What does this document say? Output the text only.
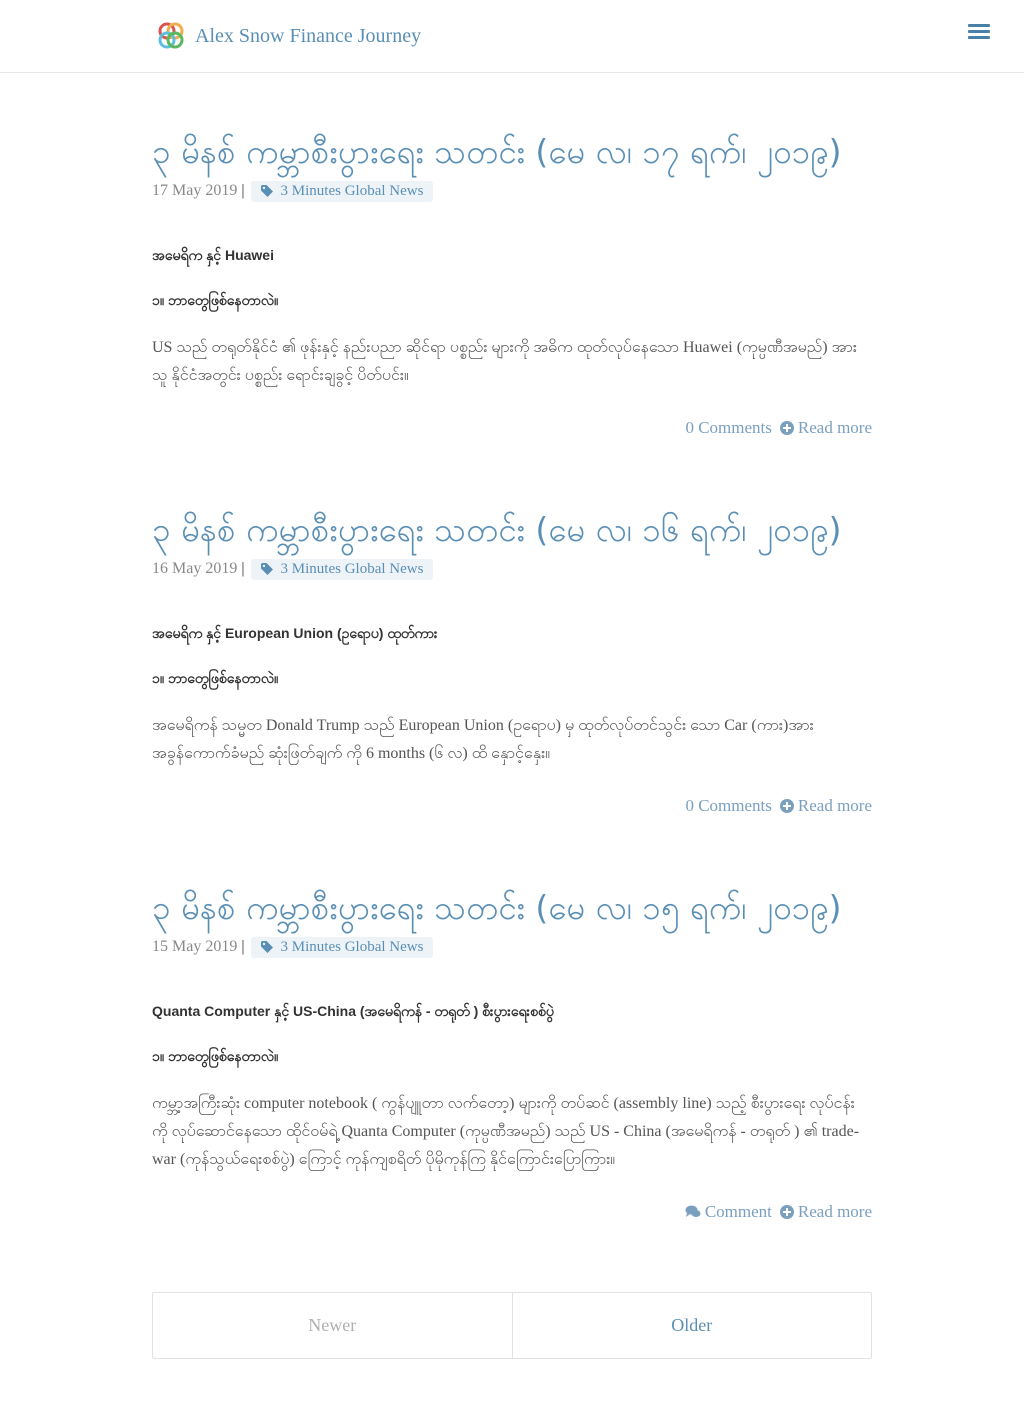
Alex Snow Finance Journey
၃ မိနစ် ကမ္ဘာစီးပွားရေး သတင်း (မေ လ၊ ၁၇ ရက်၊ ၂၀၁၉)
17 May 2019 | 3 Minutes Global News

အမေရိက နှင့် Huawei

၁။ ဘာတွေဖြစ်နေတာလဲ။

US သည် တရုတ်နိုင်ငံ ၏ ဖုန်းနှင့် နည်းပညာ ဆိုင်ရာ ပစ္စည်း များကို အဓိက ထုတ်လုပ်နေသော Huawei (ကုမ္ပဏီအမည်) အား သူ နိုင်ငံအတွင်း ပစ္စည်း ရောင်းချခွင့် ပိတ်ပင်း။

0 Comments Read more
၃ မိနစ် ကမ္ဘာစီးပွားရေး သတင်း (မေ လ၊ ၁၆ ရက်၊ ၂၀၁၉)
16 May 2019 | 3 Minutes Global News

အမေရိက နှင့် European Union (ဥရောပ) ထုတ်ကား

၁။ ဘာတွေဖြစ်နေတာလဲ။

အမေရိကန် သမ္မတ Donald Trump သည် European Union (ဥရောပ) မှ ထုတ်လုပ်တင်သွင်း သော Car (ကား)အား အခွန်ကောက်ခံမည် ဆုံးဖြတ်ချက် ကို 6 months (၆ လ) ထိ နှောင့်နှေး။

0 Comments Read more
၃ မိနစ် ကမ္ဘာစီးပွားရေး သတင်း (မေ လ၊ ၁၅ ရက်၊ ၂၀၁၉)
15 May 2019 | 3 Minutes Global News

Quanta Computer နှင့် US-China (အမေရိကန် - တရုတ် ) စီးပွားရေးစစ်ပွဲ

၁။ ဘာတွေဖြစ်နေတာလဲ။

ကမ္ဘာ့အကြီးဆုံး computer notebook ( ကွန်ပျူတာ လက်တော့) များကို တပ်ဆင် (assembly line) သည့် စီးပွားရေး လုပ်ငန်း ကို လုပ်ဆောင်နေသော ထိုင်ဝမ်ရဲ့ Quanta Computer (ကုမ္ပဏီအမည်) သည် US - China (အမေရိကန် - တရုတ် ) ၏ trade-war (ကုန်သွယ်ရေးစစ်ပွဲ) ကြောင့် ကုန်ကျစရိတ် ပိုမိုကုန်ကြ နိုင်ကြောင်းပြောကြား။

Comment Read more
Newer	Older
